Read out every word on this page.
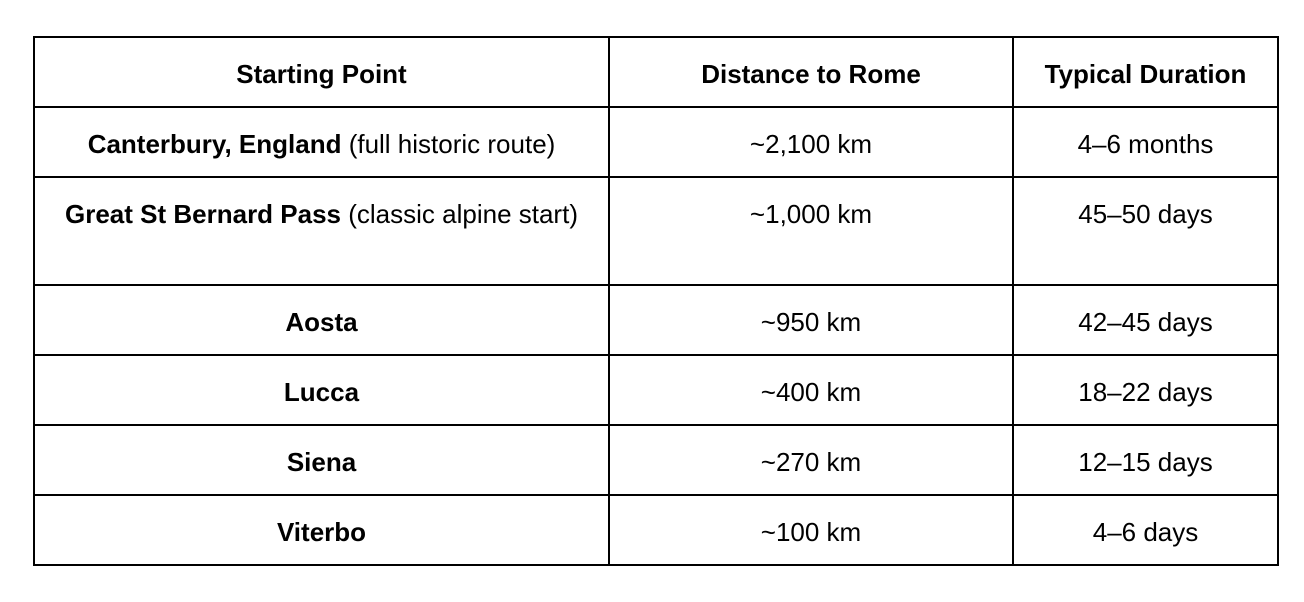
Starting Point	Distance to Rome	Typical Duration
Canterbury, England (full historic route)	~2,100 km	4–6 months
Great St Bernard Pass (classic alpine start)	~1,000 km	45–50 days
Aosta	~950 km	42–45 days
Lucca	~400 km	18–22 days
Siena	~270 km	12–15 days
Viterbo	~100 km	4–6 days
